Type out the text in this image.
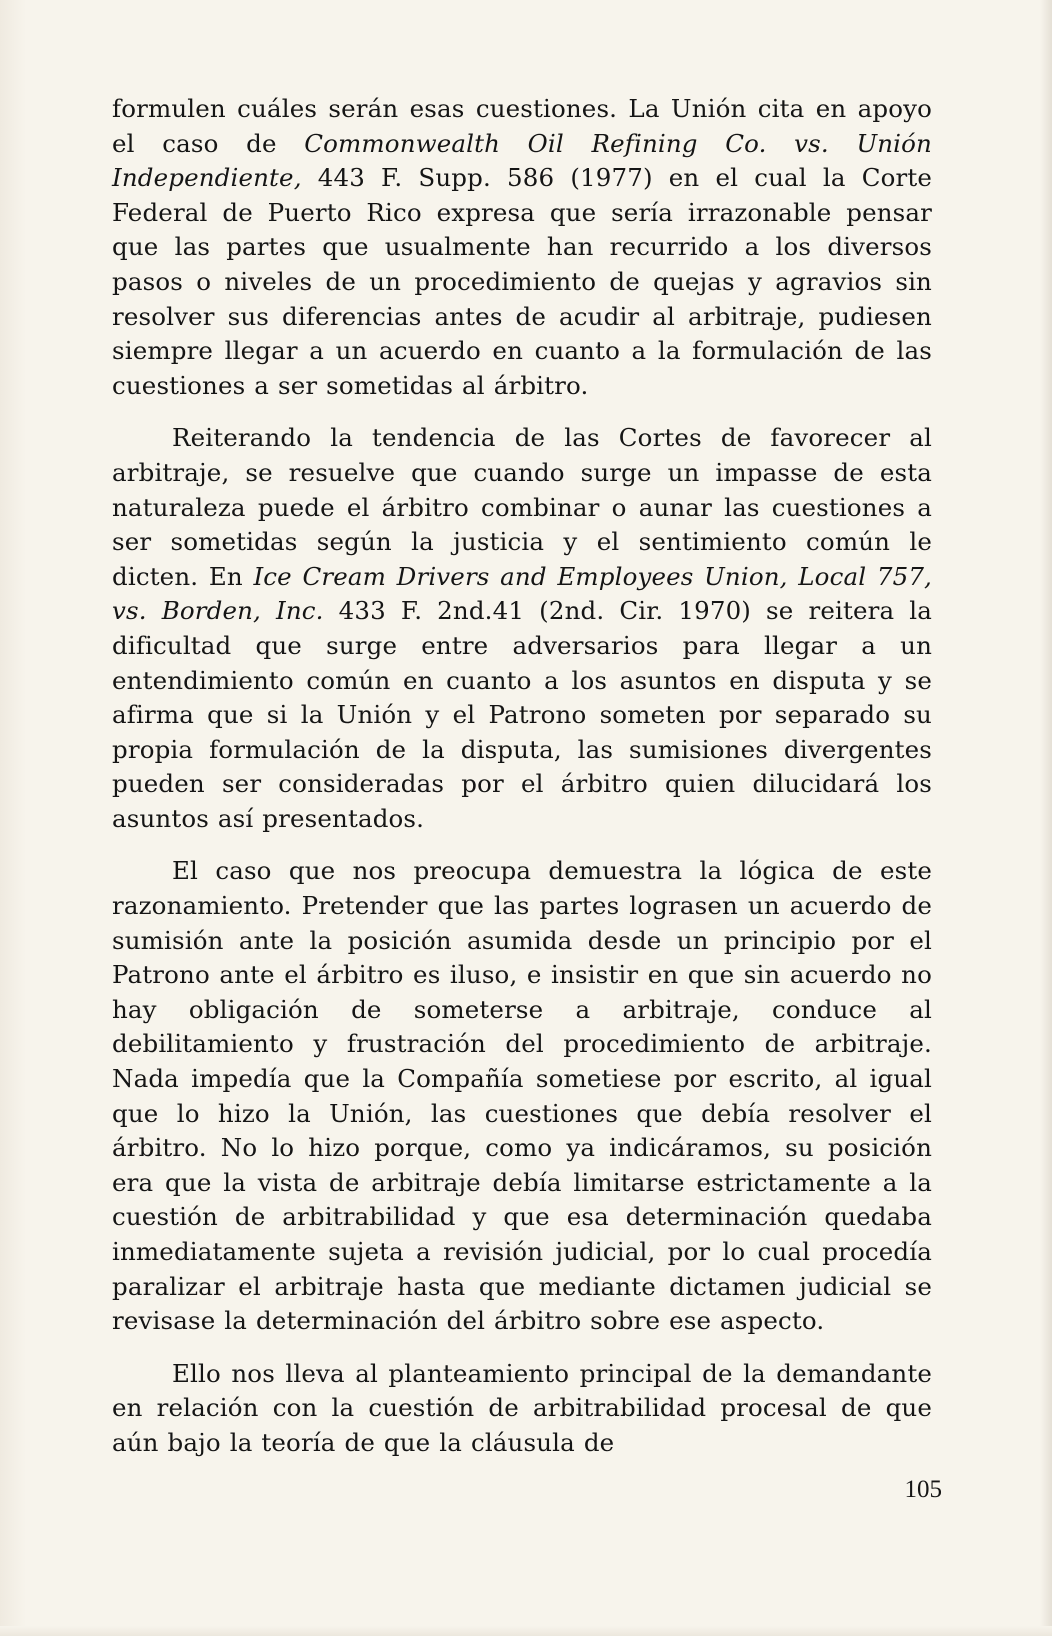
formulen cuáles serán esas cuestiones. La Unión cita en apoyo el caso de Commonwealth Oil Refining Co. vs. Unión Independiente, 443 F. Supp. 586 (1977) en el cual la Corte Federal de Puerto Rico expresa que sería irrazonable pensar que las partes que usualmente han recurrido a los diversos pasos o niveles de un procedimiento de quejas y agravios sin resolver sus diferencias antes de acudir al arbitraje, pudiesen siempre llegar a un acuerdo en cuanto a la formulación de las cuestiones a ser sometidas al árbitro.

Reiterando la tendencia de las Cortes de favorecer al arbitraje, se resuelve que cuando surge un impasse de esta naturaleza puede el árbitro combinar o aunar las cuestiones a ser sometidas según la justicia y el sentimiento común le dicten. En Ice Cream Drivers and Employees Union, Local 757, vs. Borden, Inc. 433 F. 2nd.41 (2nd. Cir. 1970) se reitera la dificultad que surge entre adversarios para llegar a un entendimiento común en cuanto a los asuntos en disputa y se afirma que si la Unión y el Patrono someten por separado su propia formulación de la disputa, las sumisiones divergentes pueden ser consideradas por el árbitro quien dilucidará los asuntos así presentados.

El caso que nos preocupa demuestra la lógica de este razonamiento. Pretender que las partes lograsen un acuerdo de sumisión ante la posición asumida desde un principio por el Patrono ante el árbitro es iluso, e insistir en que sin acuerdo no hay obligación de someterse a arbitraje, conduce al debilitamiento y frustración del procedimiento de arbitraje. Nada impedía que la Compañía sometiese por escrito, al igual que lo hizo la Unión, las cuestiones que debía resolver el árbitro. No lo hizo porque, como ya indicáramos, su posición era que la vista de arbitraje debía limitarse estrictamente a la cuestión de arbitrabilidad y que esa determinación quedaba inmediatamente sujeta a revisión judicial, por lo cual procedía paralizar el arbitraje hasta que mediante dictamen judicial se revisase la determinación del árbitro sobre ese aspecto.

Ello nos lleva al planteamiento principal de la demandante en relación con la cuestión de arbitrabilidad procesal de que aún bajo la teoría de que la cláusula de

105
